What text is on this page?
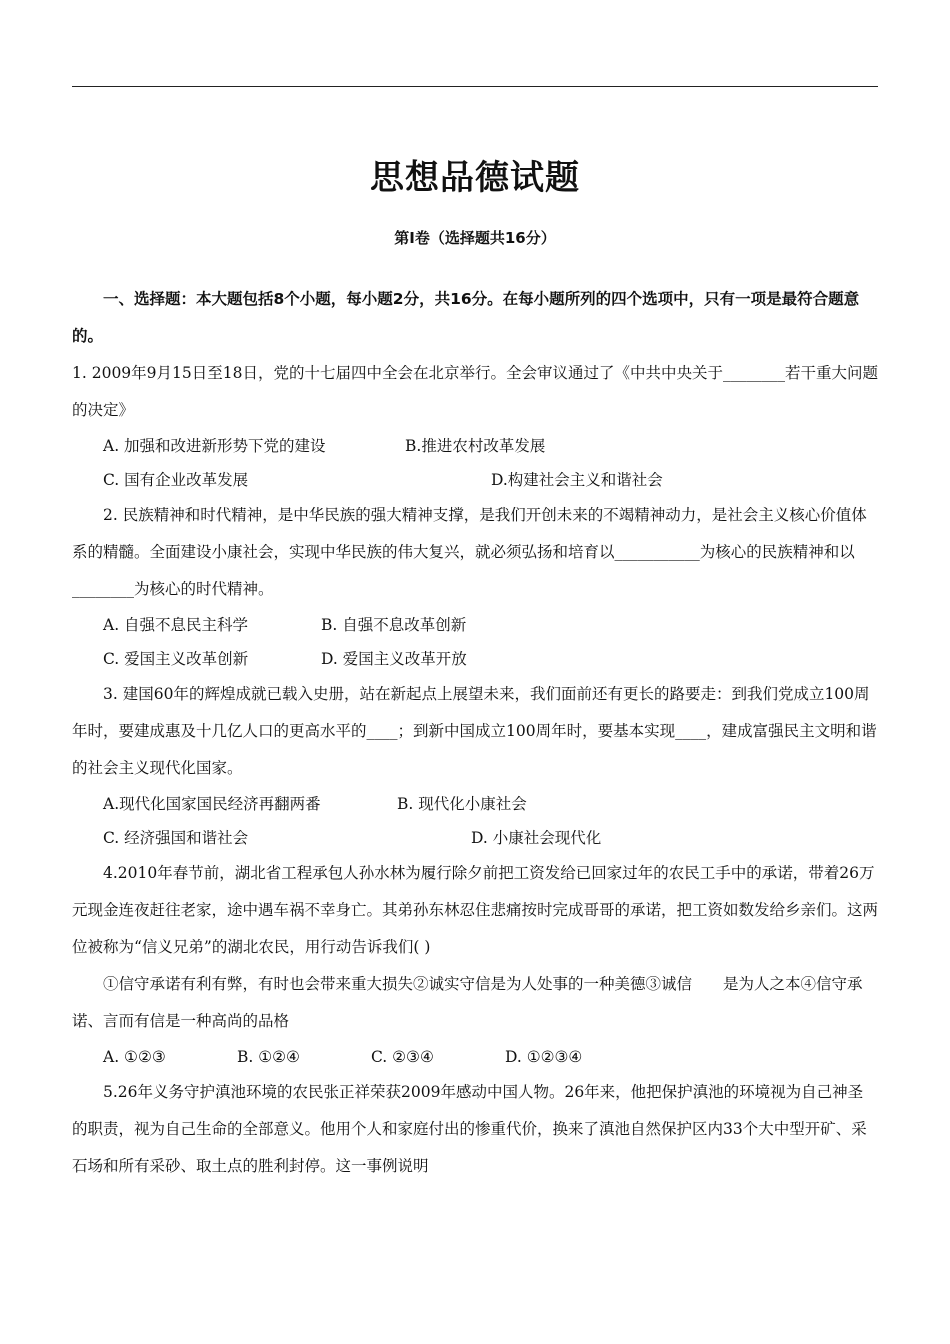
思想品德试题
第Ⅰ卷（选择题共16分）

一、选择题：本大题包括8个小题，每小题2分，共16分。在每小题所列的四个选项中，只有一项是最符合题意的。

1. 2009年9月15日至18日，党的十七届四中全会在北京举行。全会审议通过了《中共中央关于________若干重大问题的决定》

A. 加强和改进新形势下党的建设	B.推进农村改革发展
C. 国有企业改革发展	D.构建社会主义和谐社会

2. 民族精神和时代精神，是中华民族的强大精神支撑，是我们开创未来的不竭精神动力，是社会主义核心价值体系的精髓。全面建设小康社会，实现中华民族的伟大复兴，就必须弘扬和培育以___________为核心的民族精神和以________为核心的时代精神。

A. 自强不息民主科学	B. 自强不息改革创新
C. 爱国主义改革创新	D. 爱国主义改革开放

3. 建国60年的辉煌成就已载入史册，站在新起点上展望未来，我们面前还有更长的路要走：到我们党成立100周年时，要建成惠及十几亿人口的更高水平的____；到新中国成立100周年时，要基本实现____，建成富强民主文明和谐的社会主义现代化国家。

A.现代化国家国民经济再翻两番	B. 现代化小康社会
C. 经济强国和谐社会	D. 小康社会现代化

4.2010年春节前，湖北省工程承包人孙水林为履行除夕前把工资发给已回家过年的农民工手中的承诺，带着26万元现金连夜赶往老家，途中遇车祸不幸身亡。其弟孙东林忍住悲痛按时完成哥哥的承诺，把工资如数发给乡亲们。这两位被称为“信义兄弟”的湖北农民，用行动告诉我们( )

①信守承诺有利有弊，有时也会带来重大损失②诚实守信是为人处事的一种美德③诚信　　是为人之本④信守承诺、言而有信是一种高尚的品格

A. ①②③	B. ①②④	C. ②③④	D. ①②③④

5.26年义务守护滇池环境的农民张正祥荣获2009年感动中国人物。26年来，他把保护滇池的环境视为自己神圣的职责，视为自己生命的全部意义。他用个人和家庭付出的惨重代价，换来了滇池自然保护区内33个大中型开矿、采石场和所有采砂、取土点的胜利封停。这一事例说明
